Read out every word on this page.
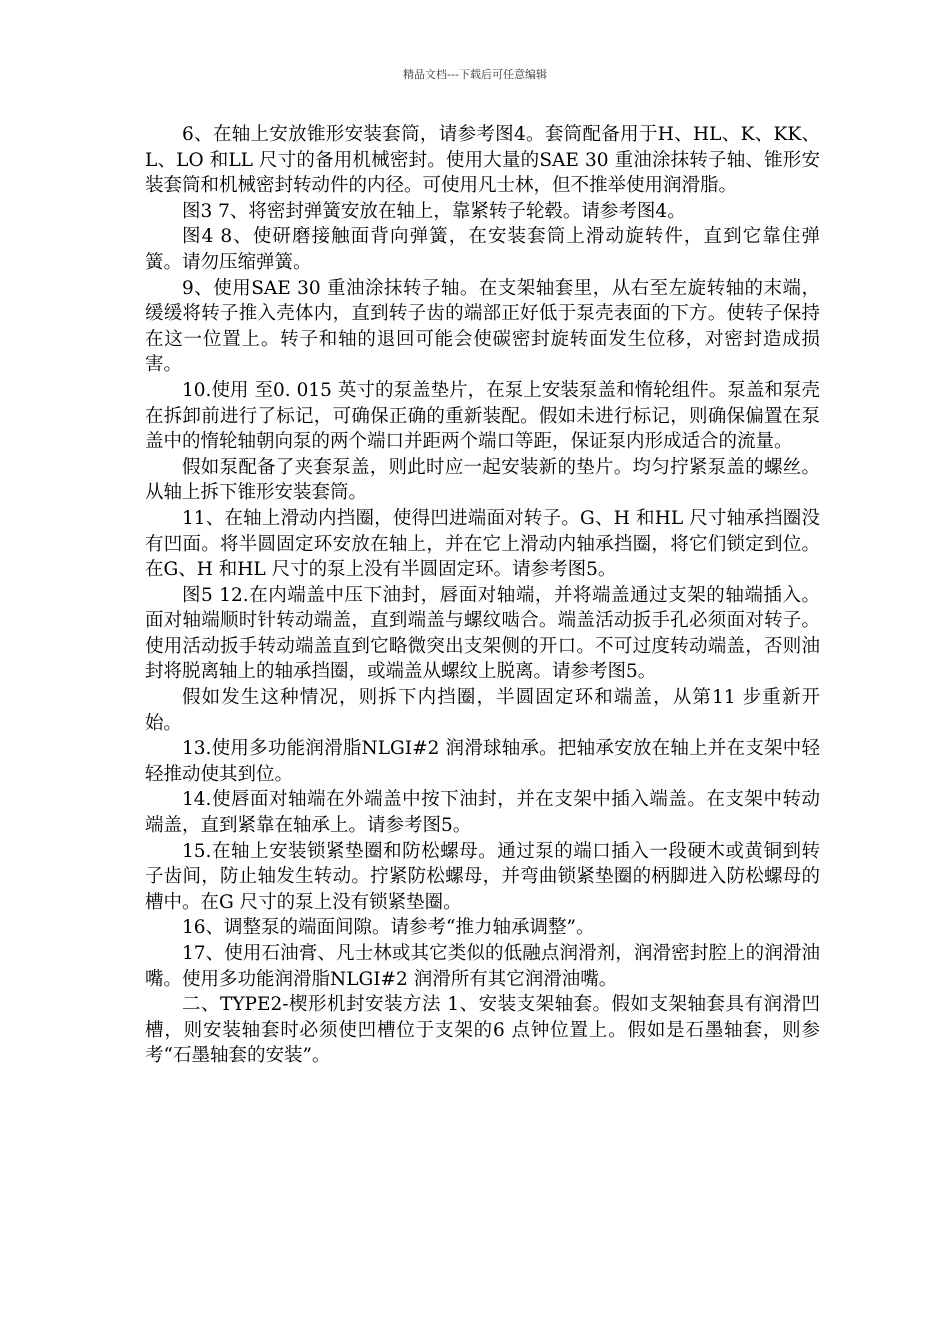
精品文档---下载后可任意编辑

6、在轴上安放锥形安装套筒，请参考图4。套筒配备用于H、HL、K、KK、L、LO 和LL 尺寸的备用机械密封。使用大量的SAE 30 重油涂抹转子轴、锥形安装套筒和机械密封转动件的内径。可使用凡士林，但不推举使用润滑脂。

图3 7、将密封弹簧安放在轴上，靠紧转子轮毂。请参考图4。

图4 8、使研磨接触面背向弹簧，在安装套筒上滑动旋转件，直到它靠住弹簧。请勿压缩弹簧。

9、使用SAE 30 重油涂抹转子轴。在支架轴套里，从右至左旋转轴的末端，缓缓将转子推入壳体内，直到转子齿的端部正好低于泵壳表面的下方。使转子保持在这一位置上。转子和轴的退回可能会使碳密封旋转面发生位移，对密封造成损害。

10.使用 至0. 015 英寸的泵盖垫片，在泵上安装泵盖和惰轮组件。泵盖和泵壳在拆卸前进行了标记，可确保正确的重新装配。假如未进行标记，则确保偏置在泵盖中的惰轮轴朝向泵的两个端口并距两个端口等距，保证泵内形成适合的流量。

假如泵配备了夹套泵盖，则此时应一起安装新的垫片。均匀拧紧泵盖的螺丝。从轴上拆下锥形安装套筒。

11、在轴上滑动内挡圈，使得凹进端面对转子。G、H 和HL 尺寸轴承挡圈没有凹面。将半圆固定环安放在轴上，并在它上滑动内轴承挡圈，将它们锁定到位。在G、H 和HL 尺寸的泵上没有半圆固定环。请参考图5。

图5 12.在内端盖中压下油封，唇面对轴端，并将端盖通过支架的轴端插入。面对轴端顺时针转动端盖，直到端盖与螺纹啮合。端盖活动扳手孔必须面对转子。使用活动扳手转动端盖直到它略微突出支架侧的开口。不可过度转动端盖，否则油封将脱离轴上的轴承挡圈，或端盖从螺纹上脱离。请参考图5。

假如发生这种情况，则拆下内挡圈，半圆固定环和端盖，从第11 步重新开始。

13.使用多功能润滑脂NLGI#2 润滑球轴承。把轴承安放在轴上并在支架中轻轻推动使其到位。

14.使唇面对轴端在外端盖中按下油封，并在支架中插入端盖。在支架中转动端盖，直到紧靠在轴承上。请参考图5。

15.在轴上安装锁紧垫圈和防松螺母。通过泵的端口插入一段硬木或黄铜到转子齿间，防止轴发生转动。拧紧防松螺母，并弯曲锁紧垫圈的柄脚进入防松螺母的槽中。在G 尺寸的泵上没有锁紧垫圈。

16、调整泵的端面间隙。请参考“推力轴承调整”。

17、使用石油膏、凡士林或其它类似的低融点润滑剂，润滑密封腔上的润滑油嘴。使用多功能润滑脂NLGI#2 润滑所有其它润滑油嘴。

二、TYPE2-楔形机封安装方法 1、安装支架轴套。假如支架轴套具有润滑凹槽，则安装轴套时必须使凹槽位于支架的6 点钟位置上。假如是石墨轴套，则参考“石墨轴套的安装”。
